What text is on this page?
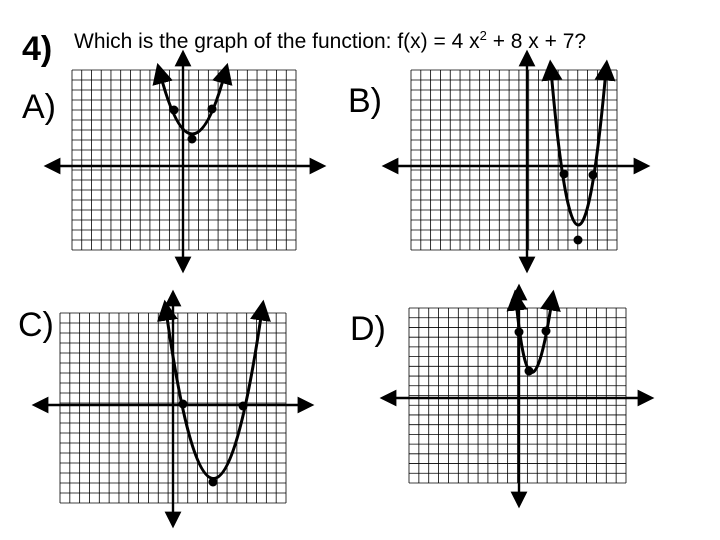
4) Which is the graph of the function: f(x) = 4 $x^2 + 8$ x + 7?
A)	B)
C)	D)
